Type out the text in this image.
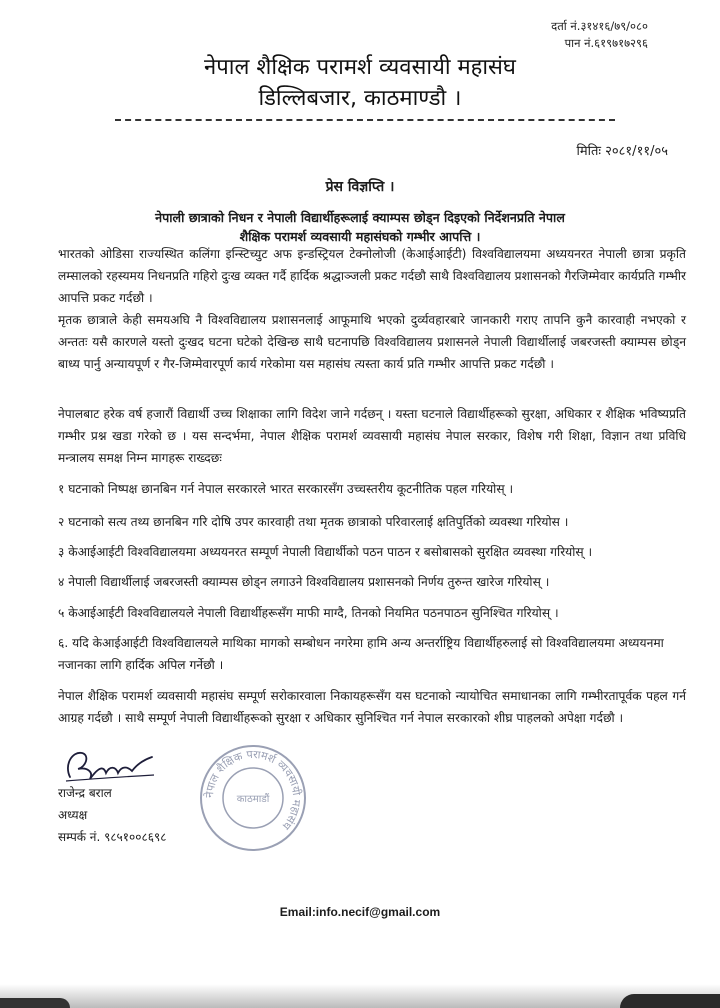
दर्ता नं.३१४१६/७९/०८०
पान नं.६१९७१७२९६
नेपाल शैक्षिक परामर्श व्यवसायी महासंघ
डिल्लिबजार, काठमाण्डौ ।
मितिः २०८१/११/०५
प्रेस विज्ञप्ति ।
नेपाली छात्राको निधन र नेपाली विद्यार्थीहरूलाई क्याम्पस छोड्न दिइएको निर्देशनप्रति नेपाल
शैक्षिक परामर्श व्यवसायी महासंघको गम्भीर आपत्ति ।
भारतको ओडिसा राज्यस्थित कलिंगा इन्स्टिच्युट अफ इन्डस्ट्रियल टेक्नोलोजी (केआईआईटी) विश्वविद्यालयमा अध्ययनरत नेपाली छात्रा प्रकृति लम्सालको रहस्यमय निधनप्रति गहिरो दुःख व्यक्त गर्दै हार्दिक श्रद्धाञ्जली प्रकट गर्दछौ साथै विश्वविद्यालय प्रशासनको गैरजिम्मेवार कार्यप्रति गम्भीर आपत्ति प्रकट गर्दछौ ।
मृतक छात्राले केही समयअघि नै विश्वविद्यालय प्रशासनलाई आफूमाथि भएको दुर्व्यवहारबारे जानकारी गराए तापनि कुनै कारवाही नभएको र अन्ततः यसै कारणले यस्तो दुःखद घटना घटेको देखिन्छ साथै घटनापछि विश्वविद्यालय प्रशासनले नेपाली विद्यार्थीलाई जबरजस्ती क्याम्पस छोड्न बाध्य पार्नु अन्यायपूर्ण र गैर-जिम्मेवारपूर्ण कार्य गरेकोमा यस महासंघ त्यस्ता कार्य प्रति गम्भीर आपत्ति प्रकट गर्दछौ ।
नेपालबाट हरेक वर्ष हजारौं विद्यार्थी उच्च शिक्षाका लागि विदेश जाने गर्दछन् । यस्ता घटनाले विद्यार्थीहरूको सुरक्षा, अधिकार र शैक्षिक भविष्यप्रति गम्भीर प्रश्न खडा गरेको छ । यस सन्दर्भमा, नेपाल शैक्षिक परामर्श व्यवसायी महासंघ नेपाल सरकार, विशेष गरी शिक्षा, विज्ञान तथा प्रविधि मन्त्रालय समक्ष निम्न मागहरू राख्दछः
१ घटनाको निष्पक्ष छानबिन गर्न नेपाल सरकारले भारत सरकारसँग उच्चस्तरीय कूटनीतिक पहल गरियोस् ।
२ घटनाको सत्य तथ्य छानबिन गरि दोषि उपर कारवाही तथा मृतक छात्राको परिवारलाई क्षतिपुर्तिको व्यवस्था गरियोस ।
३ केआईआईटी विश्वविद्यालयमा अध्ययनरत सम्पूर्ण नेपाली विद्यार्थीको पठन पाठन र बसोबासको सुरक्षित व्यवस्था गरियोस् ।
४ नेपाली विद्यार्थीलाई जबरजस्ती क्याम्पस छोड्न लगाउने विश्वविद्यालय प्रशासनको निर्णय तुरुन्त खारेज गरियोस् ।
५ केआईआईटी विश्वविद्यालयले नेपाली विद्यार्थीहरूसँग माफी माग्दै, तिनको नियमित पठनपाठन सुनिश्चित गरियोस् ।
६. यदि केआईआईटी विश्वविद्यालयले माथिका मागको सम्बोधन नगरेमा हामि अन्य अन्तर्राष्ट्रिय विद्यार्थीहरुलाई सो विश्वविद्यालयमा अध्ययनमा नजानका लागि हार्दिक अपिल गर्नेछौ ।
नेपाल शैक्षिक परामर्श व्यवसायी महासंघ सम्पूर्ण सरोकारवाला निकायहरूसँग यस घटनाको न्यायोचित समाधानका लागि गम्भीरतापूर्वक पहल गर्न आग्रह गर्दछौ । साथै सम्पूर्ण नेपाली विद्यार्थीहरूको सुरक्षा र अधिकार सुनिश्चित गर्न नेपाल सरकारको शीघ्र पाहलको अपेक्षा गर्दछौ ।
नेपाल शैक्षिक परामर्श व्यवसायी महासंघ
काठमाडौं
राजेन्द्र बराल
अध्यक्ष
सम्पर्क नं. ९८५१००८६९८
Email:info.necif@gmail.com
